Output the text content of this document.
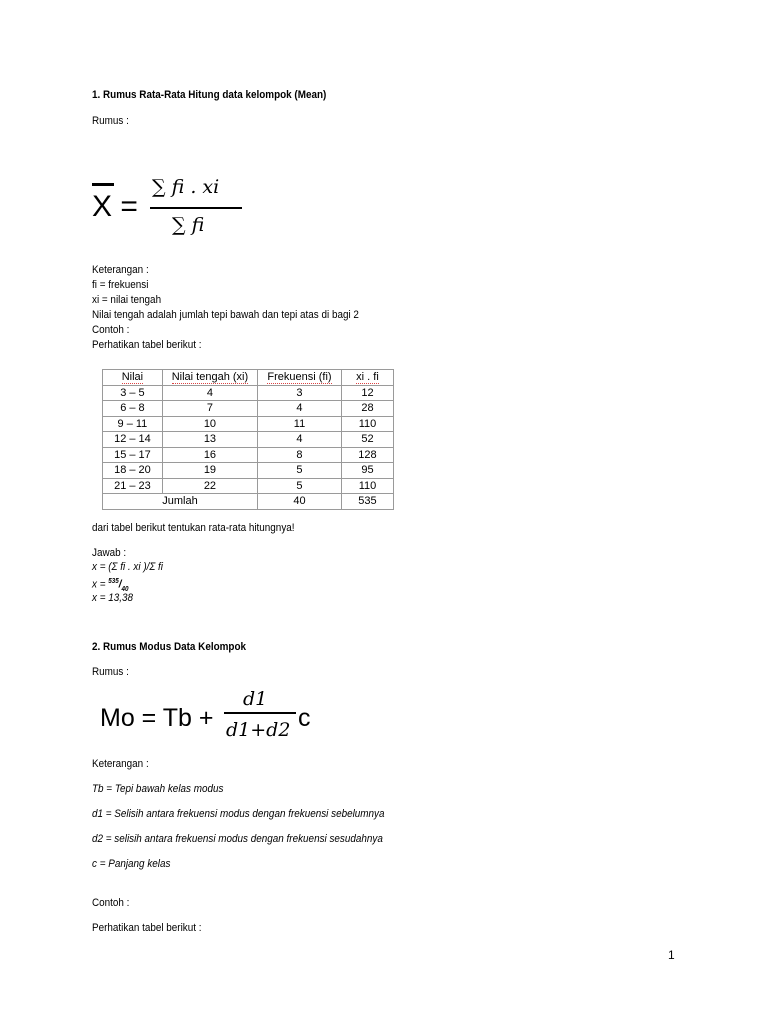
1. Rumus Rata-Rata Hitung data kelompok (Mean)
Rumus :
X =
∑ fi . xi
∑ fi
Keterangan :
fi = frekuensi
xi = nilai tengah
Nilai tengah adalah jumlah tepi bawah dan tepi atas di bagi 2
Contoh :
Perhatikan tabel berikut :
Nilai	Nilai tengah (xi)	Frekuensi (fi)	xi . fi
3 – 5	4	3	12
6 – 8	7	4	28
9 – 11	10	11	110
12 – 14	13	4	52
15 – 17	16	8	128
18 – 20	19	5	95
21 – 23	22	5	110
Jumlah		40	535
dari tabel berikut tentukan rata-rata hitungnya!
Jawab :
x = (Σ fi . xi )/Σ fi
$x = ^{535}/_{40}$
x = 13,38
2. Rumus Modus Data Kelompok
Rumus :
Mo = Tb +
d1
d1+d2 c
Keterangan :
Tb = Tepi bawah kelas modus
d1 = Selisih antara frekuensi modus dengan frekuensi sebelumnya
d2 = selisih antara frekuensi modus dengan frekuensi sesudahnya
c = Panjang kelas
Contoh :
Perhatikan tabel berikut :
1
